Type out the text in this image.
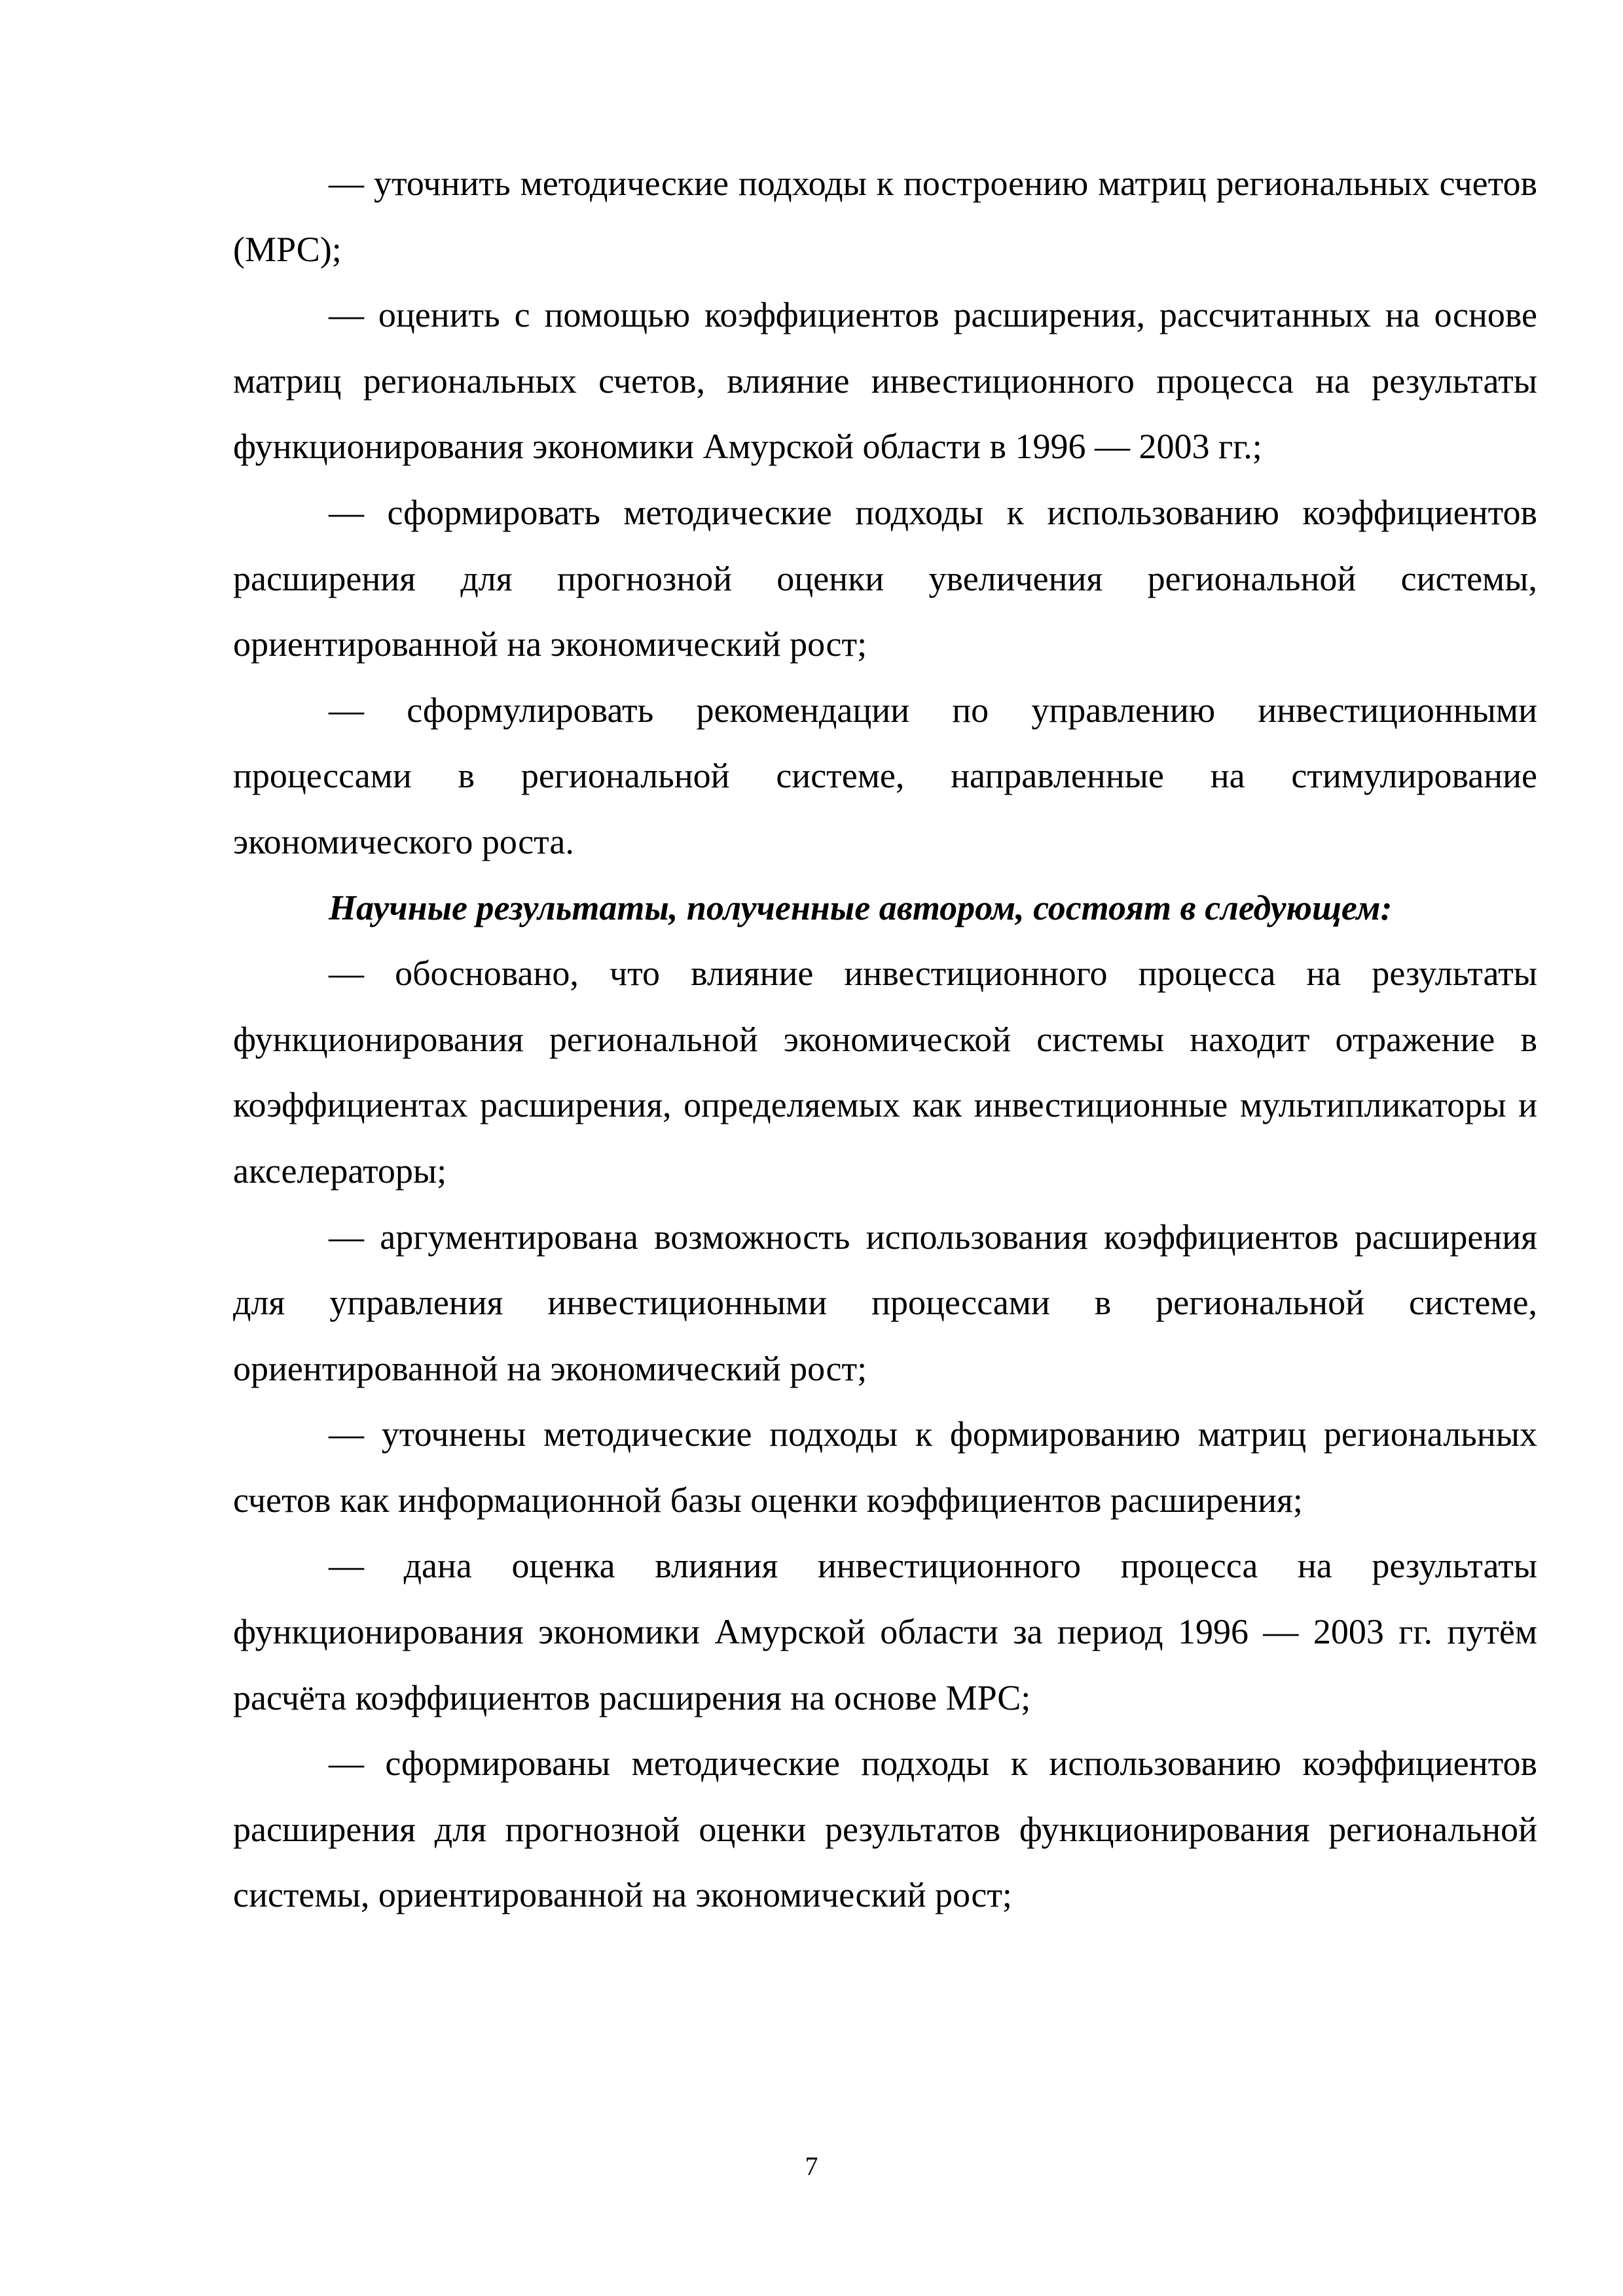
— уточнить методические подходы к построению матриц региональных счетов (МРС);

— оценить с помощью коэффициентов расширения, рассчитанных на основе матриц региональных счетов, влияние инвестиционного процесса на результаты функционирования экономики Амурской области в 1996 — 2003 гг.;

— сформировать методические подходы к использованию коэффициентов расширения для прогнозной оценки увеличения региональной системы, ориентированной на экономический рост;

— сформулировать рекомендации по управлению инвестиционными процессами в региональной системе, направленные на стимулирование экономического роста.

Научные результаты, полученные автором, состоят в следующем:

— обосновано, что влияние инвестиционного процесса на результаты функционирования региональной экономической системы находит отражение в коэффициентах расширения, определяемых как инвестиционные мультипликаторы и акселераторы;

— аргументирована возможность использования коэффициентов расширения для управления инвестиционными процессами в региональной системе, ориентированной на экономический рост;

— уточнены методические подходы к формированию матриц региональных счетов как информационной базы оценки коэффициентов расширения;

— дана оценка влияния инвестиционного процесса на результаты функционирования экономики Амурской области за период 1996 — 2003 гг. путём расчёта коэффициентов расширения на основе МРС;

— сформированы методические подходы к использованию коэффициентов расширения для прогнозной оценки результатов функционирования региональной системы, ориентированной на экономический рост;

7
